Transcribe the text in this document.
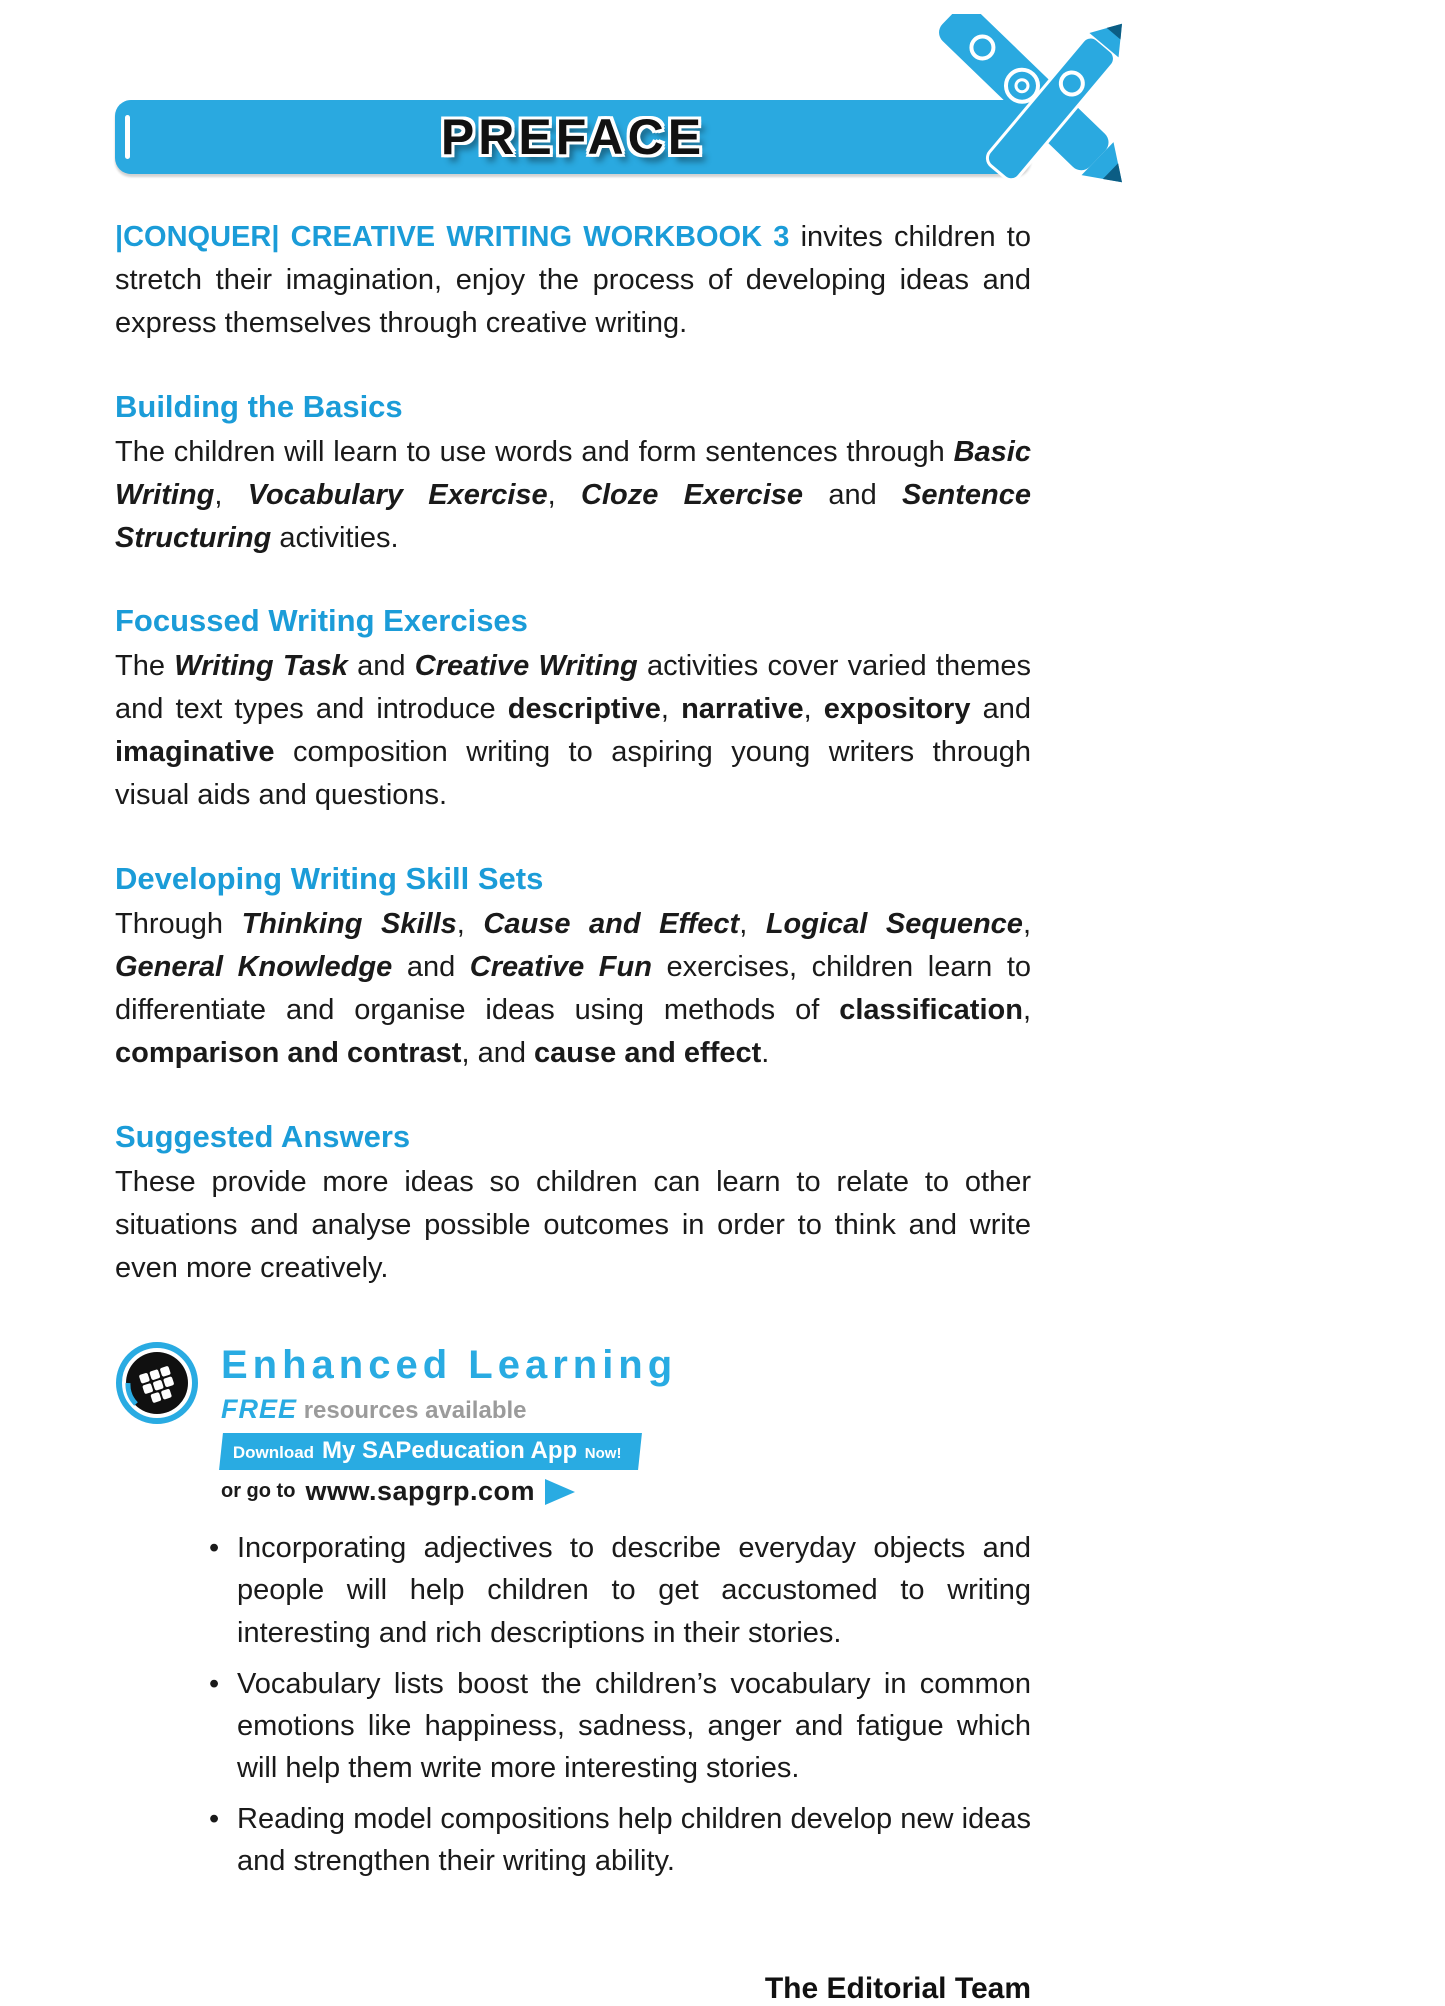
PREFACE

|CONQUER| CREATIVE WRITING WORKBOOK 3 invites children to stretch their imagination, enjoy the process of developing ideas and express themselves through creative writing.

Building the Basics

The children will learn to use words and form sentences through Basic Writing, Vocabulary Exercise, Cloze Exercise and Sentence Structuring activities.

Focussed Writing Exercises

The Writing Task and Creative Writing activities cover varied themes and text types and introduce descriptive, narrative, expository and imaginative composition writing to aspiring young writers through visual aids and questions.

Developing Writing Skill Sets

Through Thinking Skills, Cause and Effect, Logical Sequence, General Knowledge and Creative Fun exercises, children learn to differentiate and organise ideas using methods of classification, comparison and contrast, and cause and effect.

Suggested Answers

These provide more ideas so children can learn to relate to other situations and analyse possible outcomes in order to think and write even more creatively.

Enhanced Learning
FREE resources available
Download My SAPeducation App Now!
or go to www.sapgrp.com
• Incorporating adjectives to describe everyday objects and people will help children to get accustomed to writing interesting and rich descriptions in their stories.
• Vocabulary lists boost the children’s vocabulary in common emotions like happiness, sadness, anger and fatigue which will help them write more interesting stories.
• Reading model compositions help children develop new ideas and strengthen their writing ability.
The Editorial Team
